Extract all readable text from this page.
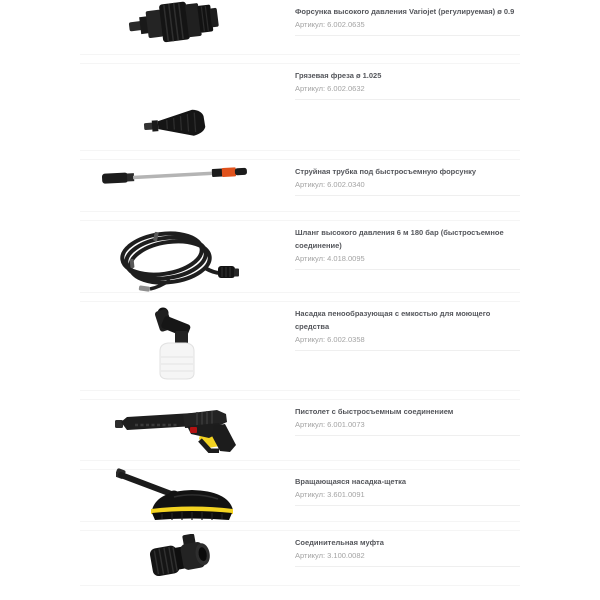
Форсунка высокого давления Variojet (регулируемая) ø 0.9
Артикул: 6.002.0635
Грязевая фреза ø 1.025
Артикул: 6.002.0632
Струйная трубка под быстросъемную форсунку
Артикул: 6.002.0340
Шланг высокого давления 6 м 180 бар (быстросъемное соединение)
Артикул: 4.018.0095
Насадка пенообразующая с емкостью для моющего средства
Артикул: 6.002.0358
Пистолет с быстросъемным соединением
Артикул: 6.001.0073
Вращающаяся насадка-щетка
Артикул: 3.601.0091
Соединительная муфта
Артикул: 3.100.0082
